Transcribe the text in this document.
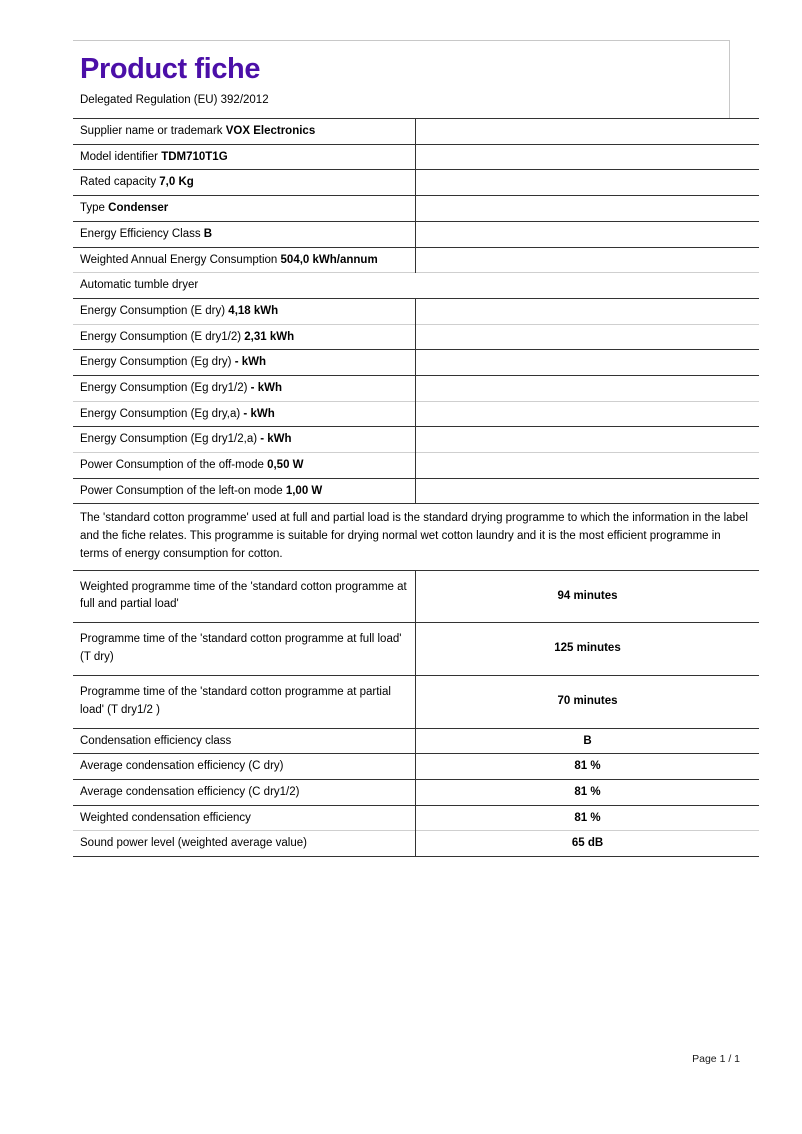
Product fiche
Delegated Regulation (EU) 392/2012
Supplier name or trademark VOX Electronics	
Model identifier TDM710T1G	
Rated capacity 7,0 Kg	
Type Condenser	
Energy Efficiency Class B	
Weighted Annual Energy Consumption 504,0 kWh/annum	
Automatic tumble dryer	
Energy Consumption (E dry) 4,18 kWh	
Energy Consumption (E dry1/2) 2,31 kWh	
Energy Consumption (Eg dry) - kWh	
Energy Consumption (Eg dry1/2) - kWh	
Energy Consumption (Eg dry,a) - kWh	
Energy Consumption (Eg dry1/2,a) - kWh	
Power Consumption of the off-mode 0,50 W	
Power Consumption of the left-on mode 1,00 W	
The 'standard cotton programme' used at full and partial load is the standard drying programme to which the information in the label and the fiche relates. This programme is suitable for drying normal wet cotton laundry and it is the most efficient programme in terms of energy consumption for cotton.	
Weighted programme time of the 'standard cotton programme at full and partial load'	94 minutes
Programme time of the 'standard cotton programme at full load' (T dry)	125 minutes
Programme time of the 'standard cotton programme at partial load' (T dry1/2 )	70 minutes
Condensation efficiency class	B
Average condensation efficiency (C dry)	81 %
Average condensation efficiency (C dry1/2)	81 %
Weighted condensation efficiency	81 %
Sound power level (weighted average value)	65 dB
Page 1 / 1
